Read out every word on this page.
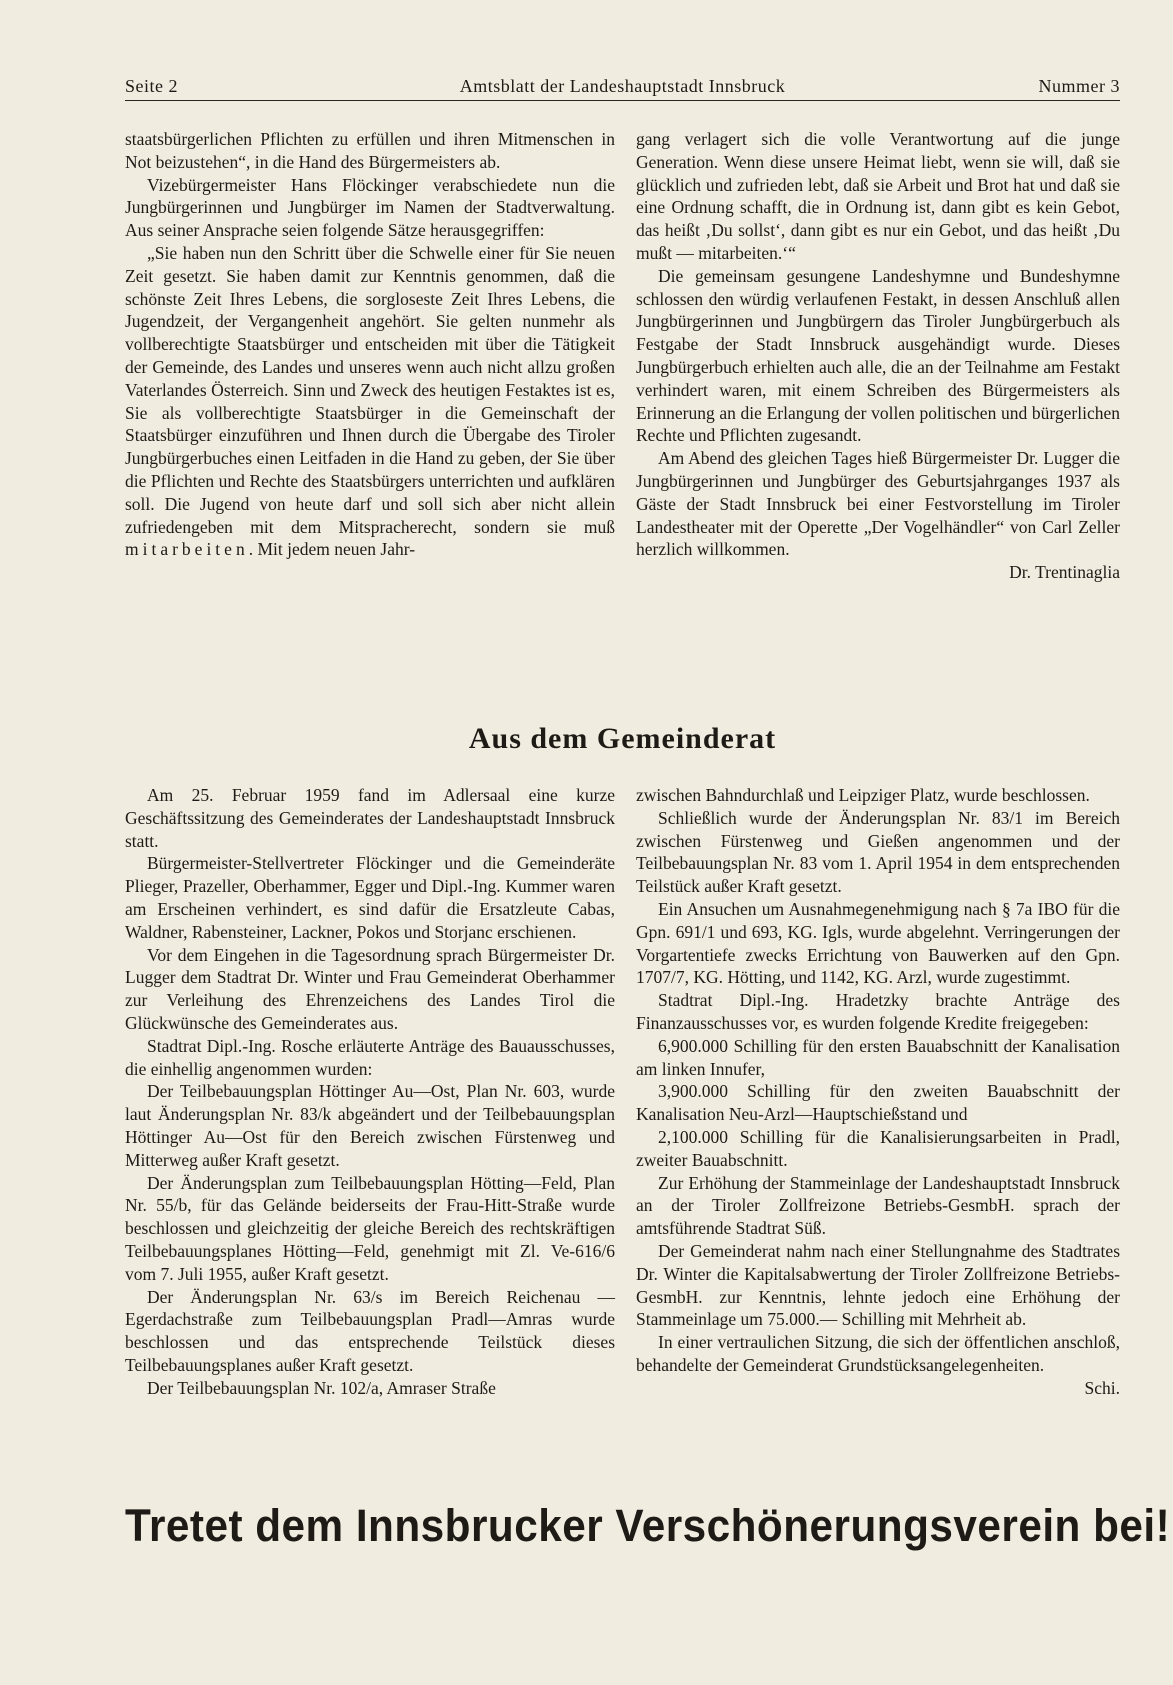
Seite 2	Amtsblatt der Landeshauptstadt Innsbruck	Nummer 3

staatsbürgerlichen Pflichten zu erfüllen und ihren Mitmenschen in Not beizustehen“, in die Hand des Bürgermeisters ab.

Vizebürgermeister Hans Flöckinger verabschiedete nun die Jungbürgerinnen und Jungbürger im Namen der Stadtverwaltung. Aus seiner Ansprache seien folgende Sätze herausgegriffen:

„Sie haben nun den Schritt über die Schwelle einer für Sie neuen Zeit gesetzt. Sie haben damit zur Kenntnis genommen, daß die schönste Zeit Ihres Lebens, die sorgloseste Zeit Ihres Lebens, die Jugendzeit, der Vergangenheit angehört. Sie gelten nunmehr als vollberechtigte Staatsbürger und entscheiden mit über die Tätigkeit der Gemeinde, des Landes und unseres wenn auch nicht allzu großen Vaterlandes Österreich. Sinn und Zweck des heutigen Festaktes ist es, Sie als vollberechtigte Staatsbürger in die Gemeinschaft der Staatsbürger einzuführen und Ihnen durch die Übergabe des Tiroler Jungbürgerbuches einen Leitfaden in die Hand zu geben, der Sie über die Pflichten und Rechte des Staatsbürgers unterrichten und aufklären soll. Die Jugend von heute darf und soll sich aber nicht allein zufriedengeben mit dem Mitspracherecht, sondern sie muß mitarbeiten. Mit jedem neuen Jahr-

gang verlagert sich die volle Verantwortung auf die junge Generation. Wenn diese unsere Heimat liebt, wenn sie will, daß sie glücklich und zufrieden lebt, daß sie Arbeit und Brot hat und daß sie eine Ordnung schafft, die in Ordnung ist, dann gibt es kein Gebot, das heißt ‚Du sollst‘, dann gibt es nur ein Gebot, und das heißt ‚Du mußt — mitarbeiten.‘“

Die gemeinsam gesungene Landeshymne und Bundeshymne schlossen den würdig verlaufenen Festakt, in dessen Anschluß allen Jungbürgerinnen und Jungbürgern das Tiroler Jungbürgerbuch als Festgabe der Stadt Innsbruck ausgehändigt wurde. Dieses Jungbürgerbuch erhielten auch alle, die an der Teilnahme am Festakt verhindert waren, mit einem Schreiben des Bürgermeisters als Erinnerung an die Erlangung der vollen politischen und bürgerlichen Rechte und Pflichten zugesandt.

Am Abend des gleichen Tages hieß Bürgermeister Dr. Lugger die Jungbürgerinnen und Jungbürger des Geburtsjahrganges 1937 als Gäste der Stadt Innsbruck bei einer Festvorstellung im Tiroler Landestheater mit der Operette „Der Vogelhändler“ von Carl Zeller herzlich willkommen.

Dr. Trentinaglia
Aus dem Gemeinderat

Am 25. Februar 1959 fand im Adlersaal eine kurze Geschäftssitzung des Gemeinderates der Landeshauptstadt Innsbruck statt.

Bürgermeister-Stellvertreter Flöckinger und die Gemeinderäte Plieger, Prazeller, Oberhammer, Egger und Dipl.-Ing. Kummer waren am Erscheinen verhindert, es sind dafür die Ersatzleute Cabas, Waldner, Rabensteiner, Lackner, Pokos und Storjanc erschienen.

Vor dem Eingehen in die Tagesordnung sprach Bürgermeister Dr. Lugger dem Stadtrat Dr. Winter und Frau Gemeinderat Oberhammer zur Verleihung des Ehrenzeichens des Landes Tirol die Glückwünsche des Gemeinderates aus.

Stadtrat Dipl.-Ing. Rosche erläuterte Anträge des Bauausschusses, die einhellig angenommen wurden:

Der Teilbebauungsplan Höttinger Au—Ost, Plan Nr. 603, wurde laut Änderungsplan Nr. 83/k abgeändert und der Teilbebauungsplan Höttinger Au—Ost für den Bereich zwischen Fürstenweg und Mitterweg außer Kraft gesetzt.

Der Änderungsplan zum Teilbebauungsplan Hötting—Feld, Plan Nr. 55/b, für das Gelände beiderseits der Frau-Hitt-Straße wurde beschlossen und gleichzeitig der gleiche Bereich des rechtskräftigen Teilbebauungsplanes Hötting—Feld, genehmigt mit Zl. Ve-616/6 vom 7. Juli 1955, außer Kraft gesetzt.

Der Änderungsplan Nr. 63/s im Bereich Reichenau —Egerdachstraße zum Teilbebauungsplan Pradl—Amras wurde beschlossen und das entsprechende Teilstück dieses Teilbebauungsplanes außer Kraft gesetzt.

Der Teilbebauungsplan Nr. 102/a, Amraser Straße

zwischen Bahndurchlaß und Leipziger Platz, wurde beschlossen.

Schließlich wurde der Änderungsplan Nr. 83/1 im Bereich zwischen Fürstenweg und Gießen angenommen und der Teilbebauungsplan Nr. 83 vom 1. April 1954 in dem entsprechenden Teilstück außer Kraft gesetzt.

Ein Ansuchen um Ausnahmegenehmigung nach § 7a IBO für die Gpn. 691/1 und 693, KG. Igls, wurde abgelehnt. Verringerungen der Vorgartentiefe zwecks Errichtung von Bauwerken auf den Gpn. 1707/7, KG. Hötting, und 1142, KG. Arzl, wurde zugestimmt.

Stadtrat Dipl.-Ing. Hradetzky brachte Anträge des Finanzausschusses vor, es wurden folgende Kredite freigegeben:

6,900.000 Schilling für den ersten Bauabschnitt der Kanalisation am linken Innufer,

3,900.000 Schilling für den zweiten Bauabschnitt der Kanalisation Neu-Arzl—Hauptschießstand und

2,100.000 Schilling für die Kanalisierungsarbeiten in Pradl, zweiter Bauabschnitt.

Zur Erhöhung der Stammeinlage der Landeshauptstadt Innsbruck an der Tiroler Zollfreizone Betriebs-GesmbH. sprach der amtsführende Stadtrat Süß.

Der Gemeinderat nahm nach einer Stellungnahme des Stadtrates Dr. Winter die Kapitalsabwertung der Tiroler Zollfreizone Betriebs-GesmbH. zur Kenntnis, lehnte jedoch eine Erhöhung der Stammeinlage um 75.000.— Schilling mit Mehrheit ab.

In einer vertraulichen Sitzung, die sich der öffentlichen anschloß, behandelte der Gemeinderat Grundstücksangelegenheiten.

Schi.
Tretet dem Innsbrucker Verschönerungsverein bei!
